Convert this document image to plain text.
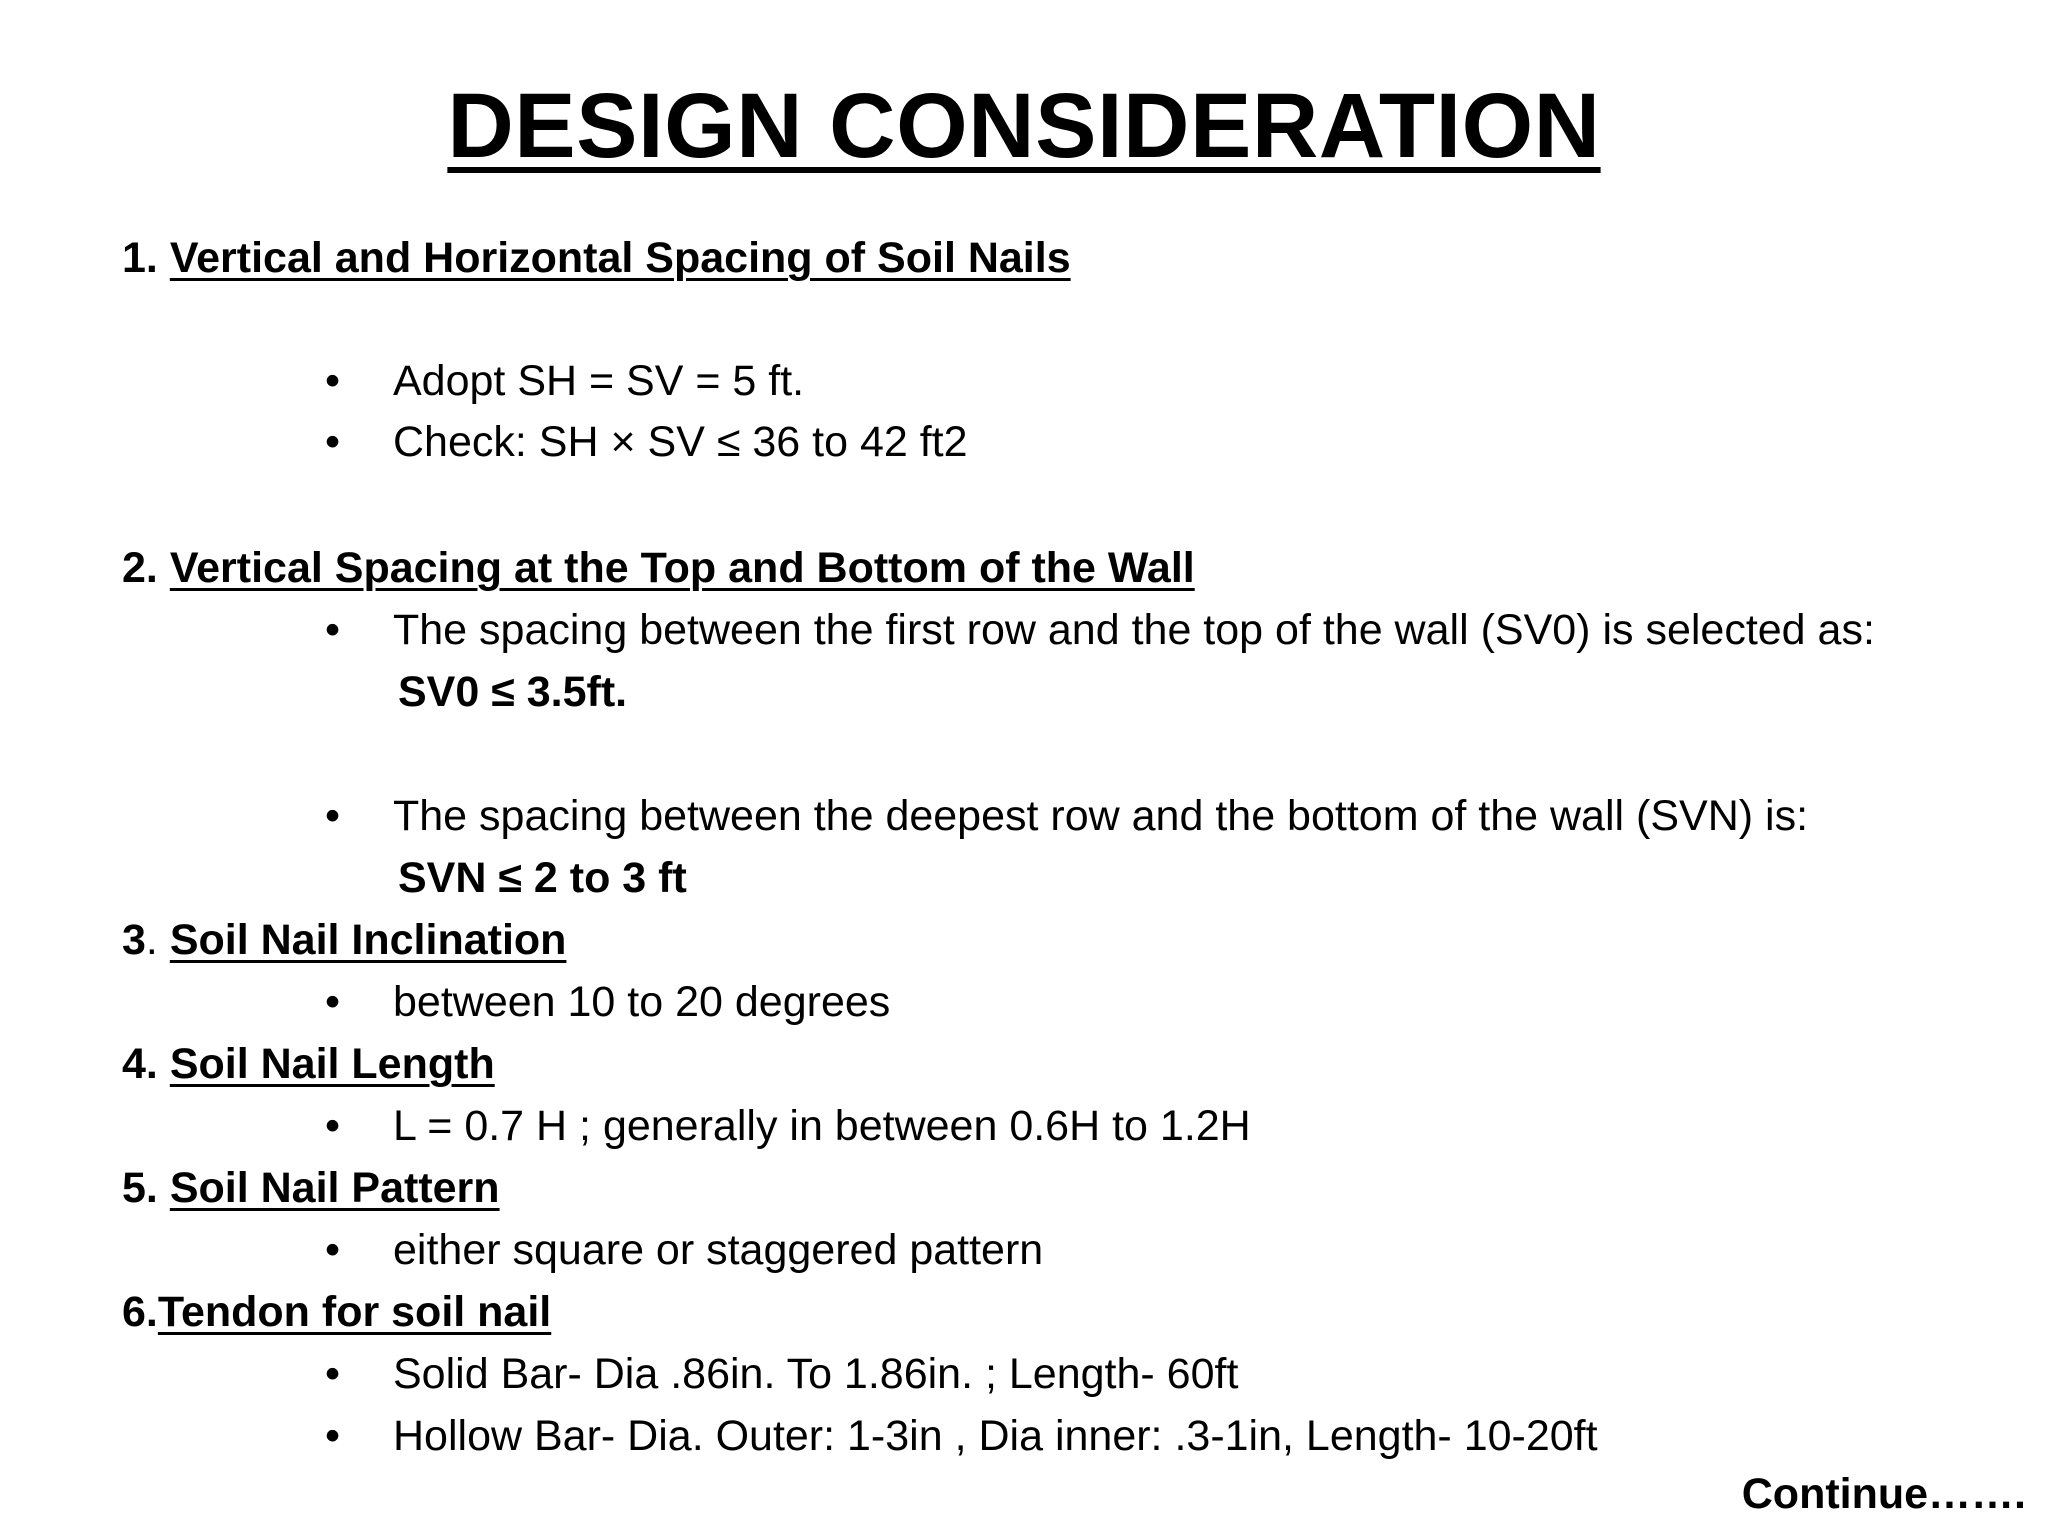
DESIGN CONSIDERATION
1. Vertical and Horizontal Spacing of Soil Nails
• Adopt SH = SV = 5 ft.
• Check: SH × SV ≤ 36 to 42 ft2
2. Vertical Spacing at the Top and Bottom of the Wall
• The spacing between the first row and the top of the wall (SV0) is selected as:
SV0 ≤ 3.5ft.
• The spacing between the deepest row and the bottom of the wall (SVN) is:
SVN ≤ 2 to 3 ft
3. Soil Nail Inclination
• between 10 to 20 degrees
4. Soil Nail Length
• L = 0.7 H ; generally in between 0.6H to 1.2H
5. Soil Nail Pattern
• either square or staggered pattern
6.Tendon for soil nail
• Solid Bar- Dia .86in. To 1.86in. ; Length- 60ft
• Hollow Bar- Dia. Outer: 1-3in , Dia inner: .3-1in, Length- 10-20ft
Continue…….
